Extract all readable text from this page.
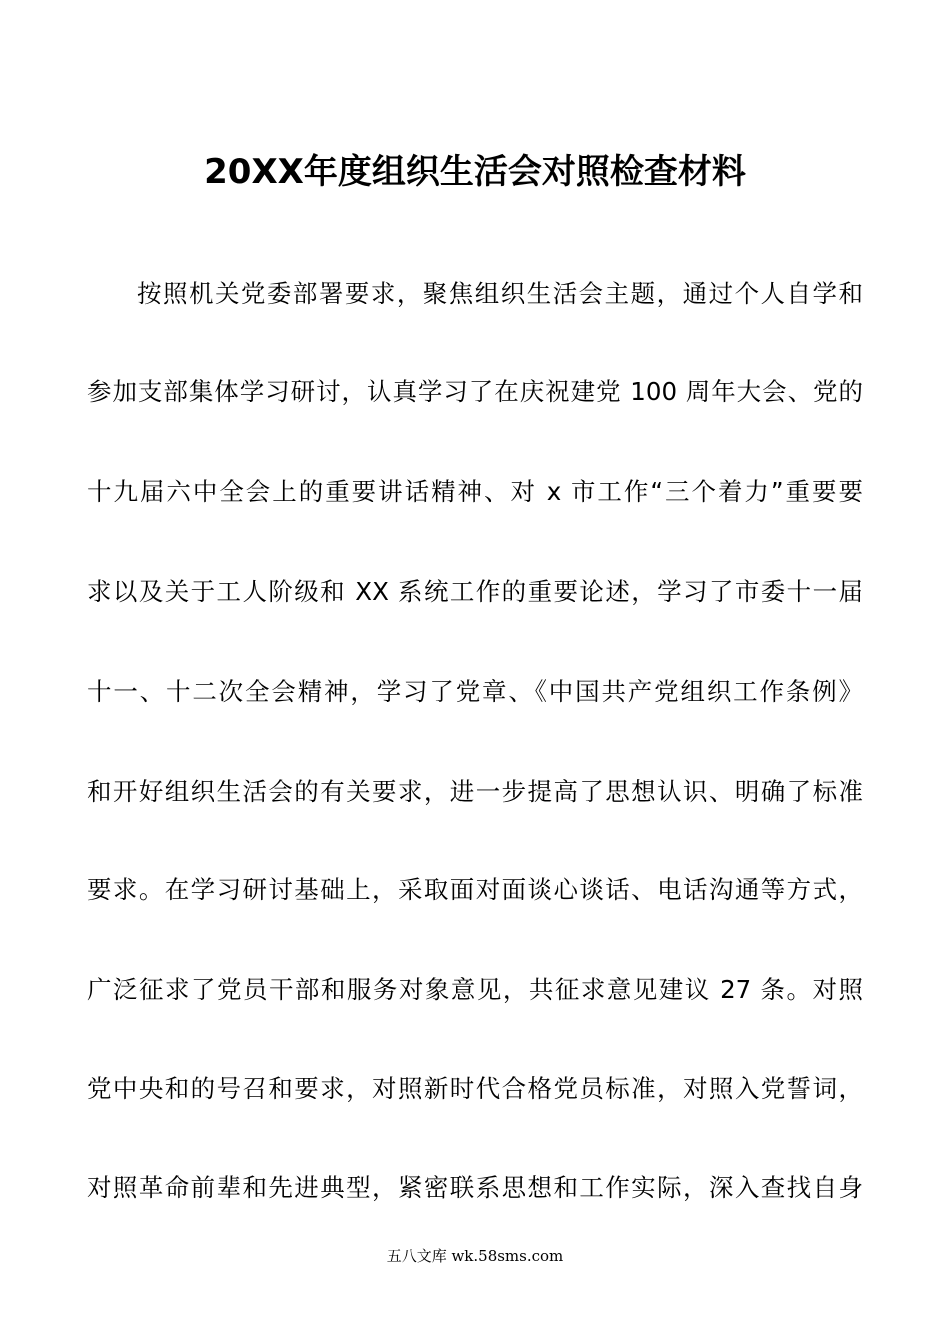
20XX年度组织生活会对照检查材料

按照机关党委部署要求，聚焦组织生活会主题，通过个人自学和

参加支部集体学习研讨，认真学习了在庆祝建党 100 周年大会、党的

十九届六中全会上的重要讲话精神、对 x 市工作“三个着力”重要要

求以及关于工人阶级和 XX 系统工作的重要论述，学习了市委十一届

十一、十二次全会精神，学习了党章、《中国共产党组织工作条例》

和开好组织生活会的有关要求，进一步提高了思想认识、明确了标准

要求。在学习研讨基础上，采取面对面谈心谈话、电话沟通等方式，

广泛征求了党员干部和服务对象意见，共征求意见建议 27 条。对照

党中央和的号召和要求，对照新时代合格党员标准，对照入党誓词，

对照革命前辈和先进典型，紧密联系思想和工作实际，深入查找自身

五八文库 wk.58sms.com
